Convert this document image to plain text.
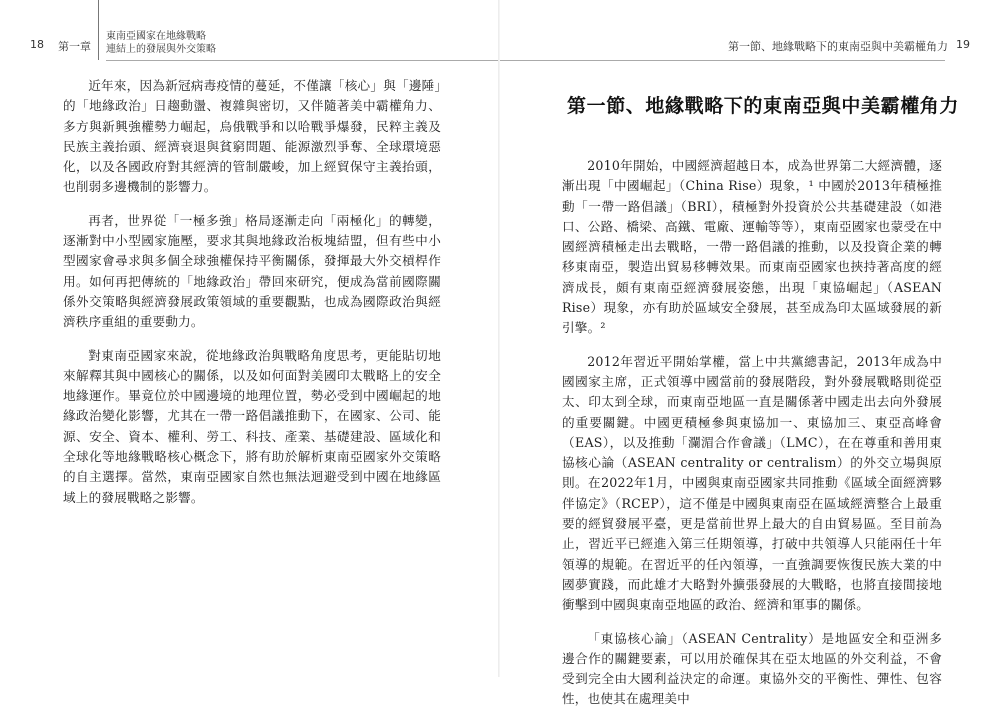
18 第一章
東南亞國家在地緣戰略
連結上的發展與外交策略

近年來，因為新冠病毒疫情的蔓延，不僅讓「核心」與「邊陲」的「地緣政治」日趨動盪、複雜與密切，又伴隨著美中霸權角力、多方與新興強權勢力崛起，烏俄戰爭和以哈戰爭爆發，民粹主義及民族主義抬頭、經濟衰退與貧窮問題、能源激烈爭奪、全球環境惡化，以及各國政府對其經濟的管制嚴峻，加上經貿保守主義抬頭，也削弱多邊機制的影響力。

再者，世界從「一極多強」格局逐漸走向「兩極化」的轉變，逐漸對中小型國家施壓，要求其與地緣政治板塊結盟，但有些中小型國家會尋求與多個全球強權保持平衡關係，發揮最大外交槓桿作用。如何再把傳統的「地緣政治」帶回來研究，便成為當前國際關係外交策略與經濟發展政策領域的重要觀點，也成為國際政治與經濟秩序重組的重要動力。

對東南亞國家來說，從地緣政治與戰略角度思考，更能貼切地來解釋其與中國核心的關係，以及如何面對美國印太戰略上的安全地緣運作。畢竟位於中國邊境的地理位置，勢必受到中國崛起的地緣政治變化影響，尤其在一帶一路倡議推動下，在國家、公司、能源、安全、資本、權利、勞工、科技、產業、基礎建設、區域化和全球化等地緣戰略核心概念下，將有助於解析東南亞國家外交策略的自主選擇。當然，東南亞國家自然也無法迴避受到中國在地緣區域上的發展戰略之影響。

第一節、地緣戰略下的東南亞與中美霸權角力 19
第一節、地緣戰略下的東南亞與中美霸權角力

2010年開始，中國經濟超越日本，成為世界第二大經濟體，逐漸出現「中國崛起」（China Rise）現象，¹ 中國於2013年積極推動「一帶一路倡議」（BRI），積極對外投資於公共基礎建設（如港口、公路、橋梁、高鐵、電廠、運輸等等），東南亞國家也蒙受在中國經濟積極走出去戰略，一帶一路倡議的推動，以及投資企業的轉移東南亞，製造出貿易移轉效果。而東南亞國家也挾持著高度的經濟成長，頗有東南亞經濟發展姿態，出現「東協崛起」（ASEAN Rise）現象，亦有助於區域安全發展，甚至成為印太區域發展的新引擎。²

2012年習近平開始掌權，當上中共黨總書記，2013年成為中國國家主席，正式領導中國當前的發展階段，對外發展戰略則從亞太、印太到全球，而東南亞地區一直是關係著中國走出去向外發展的重要關鍵。中國更積極參與東協加一、東協加三、東亞高峰會（EAS），以及推動「瀾湄合作會議」（LMC），在在尊重和善用東協核心論（ASEAN centrality or centralism）的外交立場與原則。在2022年1月，中國與東南亞國家共同推動《區域全面經濟夥伴協定》（RCEP），這不僅是中國與東南亞在區域經濟整合上最重要的經貿發展平臺，更是當前世界上最大的自由貿易區。至目前為止，習近平已經進入第三任期領導，打破中共領導人只能兩任十年領導的規範。在習近平的任內領導，一直強調要恢復民族大業的中國夢實踐，而此雄才大略對外擴張發展的大戰略，也將直接間接地衝擊到中國與東南亞地區的政治、經濟和軍事的關係。

「東協核心論」（ASEAN Centrality）是地區安全和亞洲多邊合作的關鍵要素，可以用於確保其在亞太地區的外交利益，不會受到完全由大國利益決定的命運。東協外交的平衡性、彈性、包容性，也使其在處理美中
